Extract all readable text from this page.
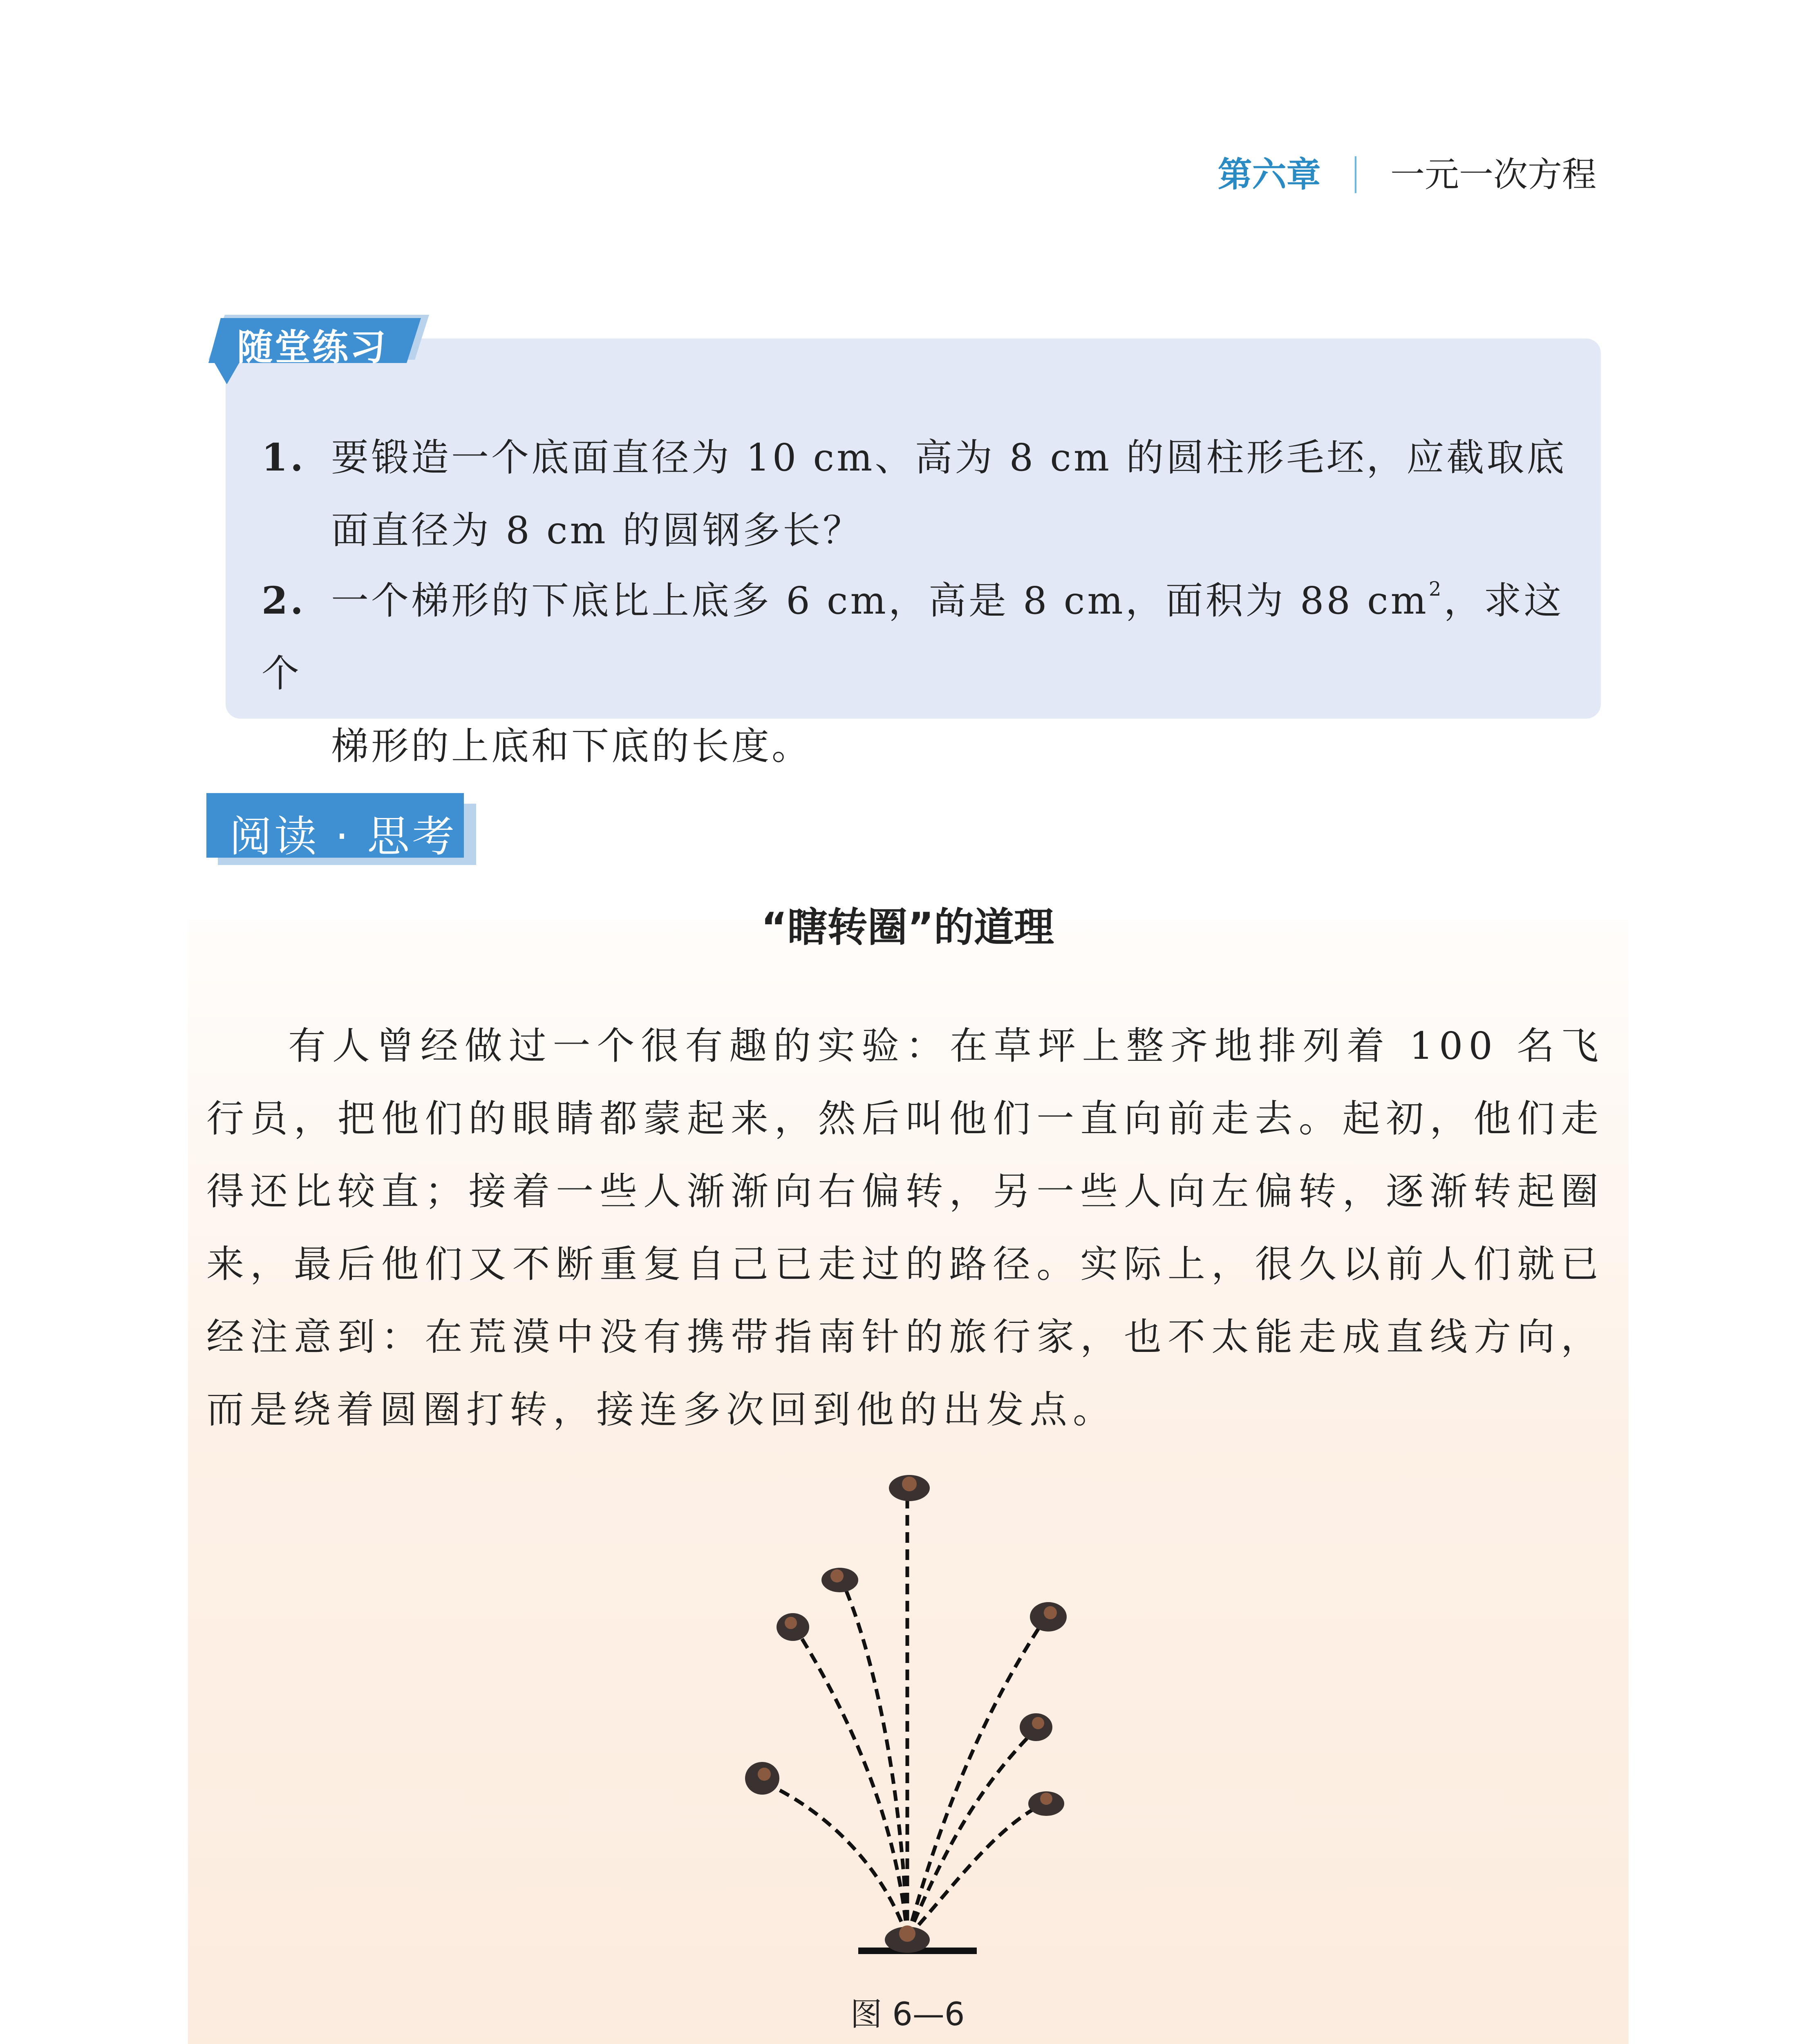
第六章 | 一元一次方程
随堂练习
1. 要锻造一个底面直径为 10 cm、高为 8 cm 的圆柱形毛坯，应截取底
面直径为 8 cm 的圆钢多长？
2. 一个梯形的下底比上底多 6 cm，高是 8 cm，面积为 88 $cm^2$，求这个
梯形的上底和下底的长度。
阅读 · 思考
“瞎转圈”的道理
有人曾经做过一个很有趣的实验：在草坪上整齐地排列着 100 名飞行员，把他们的眼睛都蒙起来，然后叫他们一直向前走去。起初，他们走得还比较直；接着一些人渐渐向右偏转，另一些人向左偏转，逐渐转起圈来，最后他们又不断重复自己已走过的路径。实际上，很久以前人们就已经注意到：在荒漠中没有携带指南针的旅行家，也不太能走成直线方向，而是绕着圆圈打转，接连多次回到他的出发点。
图 6—6
